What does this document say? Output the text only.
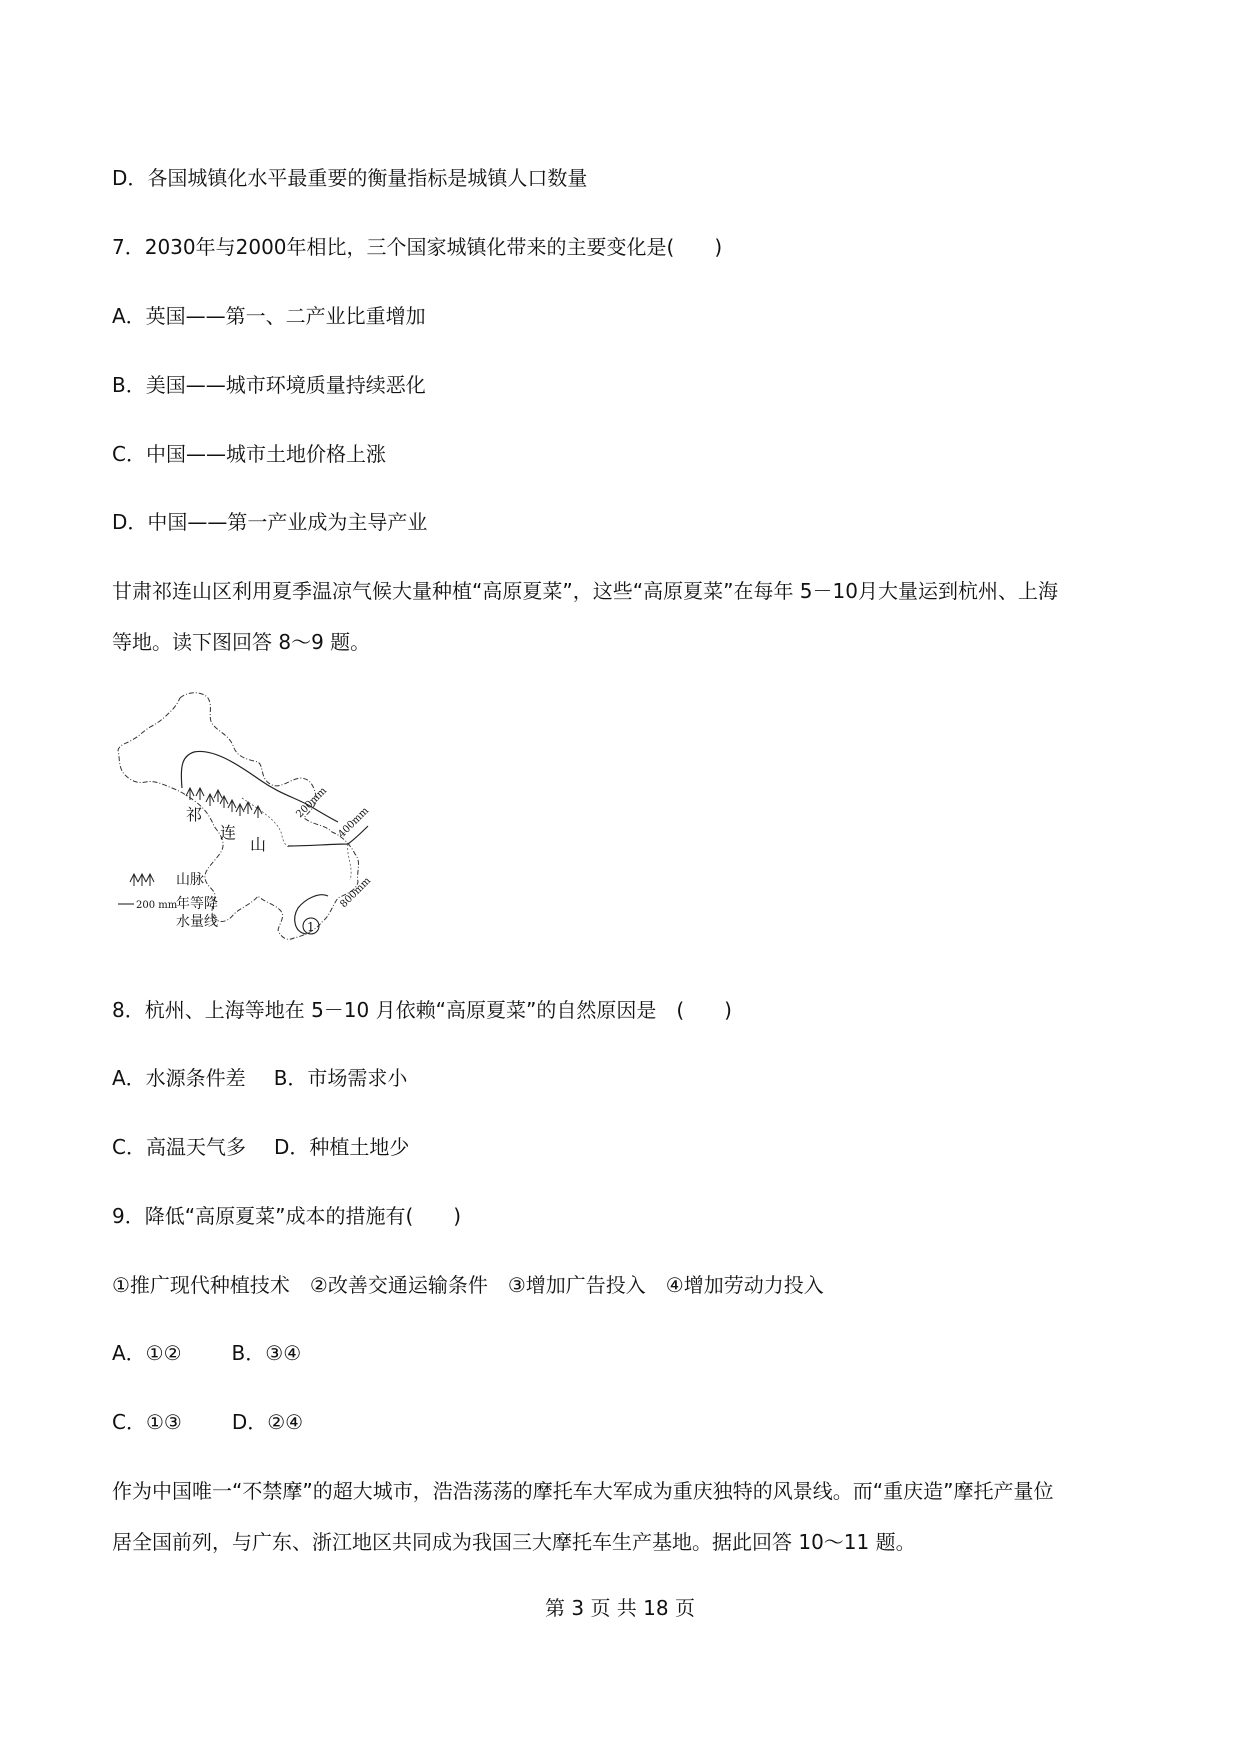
D．各国城镇化水平最重要的衡量指标是城镇人口数量
7．2030年与2000年相比，三个国家城镇化带来的主要变化是(　　)
A．英国——第一、二产业比重增加
B．美国——城市环境质量持续恶化
C．中国——城市土地价格上涨
D．中国——第一产业成为主导产业
甘肃祁连山区利用夏季温凉气候大量种植“高原夏菜”，这些“高原夏菜”在每年 5－10月大量运到杭州、上海
等地。读下图回答 8～9 题。
祁
连
山
200mm
400mm
800mm
1
山脉
200 mm
年等降
水量线
8．杭州、上海等地在 5－10 月依赖“高原夏菜”的自然原因是　(　　)
A．水源条件差 B．市场需求小
C．高温天气多 D．种植土地少
9．降低“高原夏菜”成本的措施有(　　)
①推广现代种植技术　②改善交通运输条件　③增加广告投入　④增加劳动力投入
A．①②	B．③④
C．①③	D．②④
作为中国唯一“不禁摩”的超大城市，浩浩荡荡的摩托车大军成为重庆独特的风景线。而“重庆造”摩托产量位
居全国前列，与广东、浙江地区共同成为我国三大摩托车生产基地。据此回答 10～11 题。
第 3 页 共 18 页
